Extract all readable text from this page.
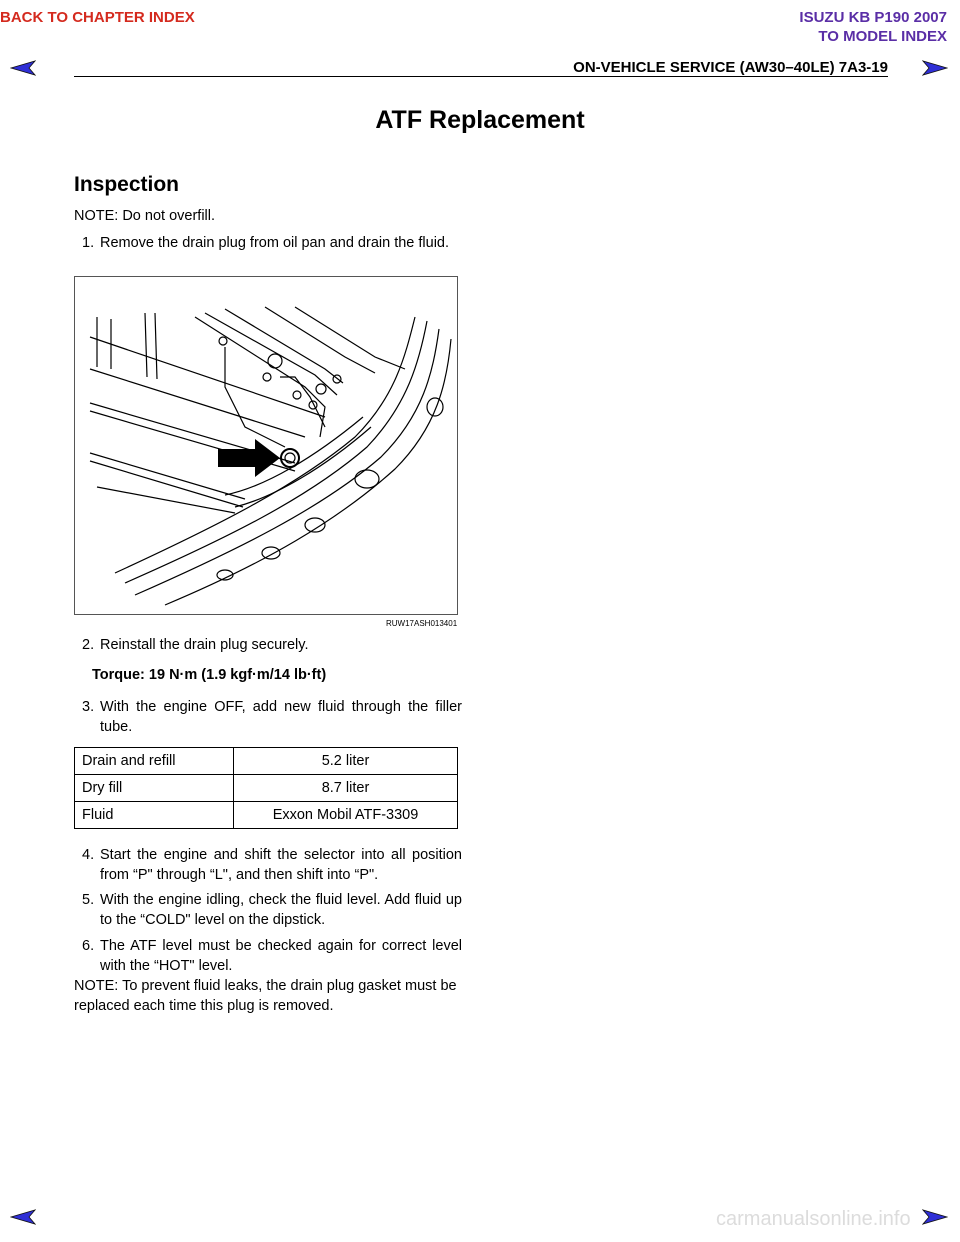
BACK TO CHAPTER INDEX	ISUZU KB P190 2007
TO MODEL INDEX
ON-VEHICLE SERVICE (AW30–40LE) 7A3-19
ATF Replacement
Inspection
NOTE: Do not overfill.
1. Remove the drain plug from oil pan and drain the fluid.
RUW17ASH013401
2. Reinstall the drain plug securely.
Torque: 19 N·m (1.9 kgf·m/14 lb·ft)
3. With the engine OFF, add new fluid through the filler tube.
Drain and refill	5.2 liter
Dry fill	8.7 liter
Fluid	Exxon Mobil ATF-3309
4. Start the engine and shift the selector into all position from “P" through “L", and then shift into “P".
5. With the engine idling, check the fluid level. Add fluid up to the “COLD" level on the dipstick.
6. The ATF level must be checked again for correct level with the “HOT" level.
NOTE: To prevent fluid leaks, the drain plug gasket must be replaced each time this plug is removed.
carmanualsonline.info
